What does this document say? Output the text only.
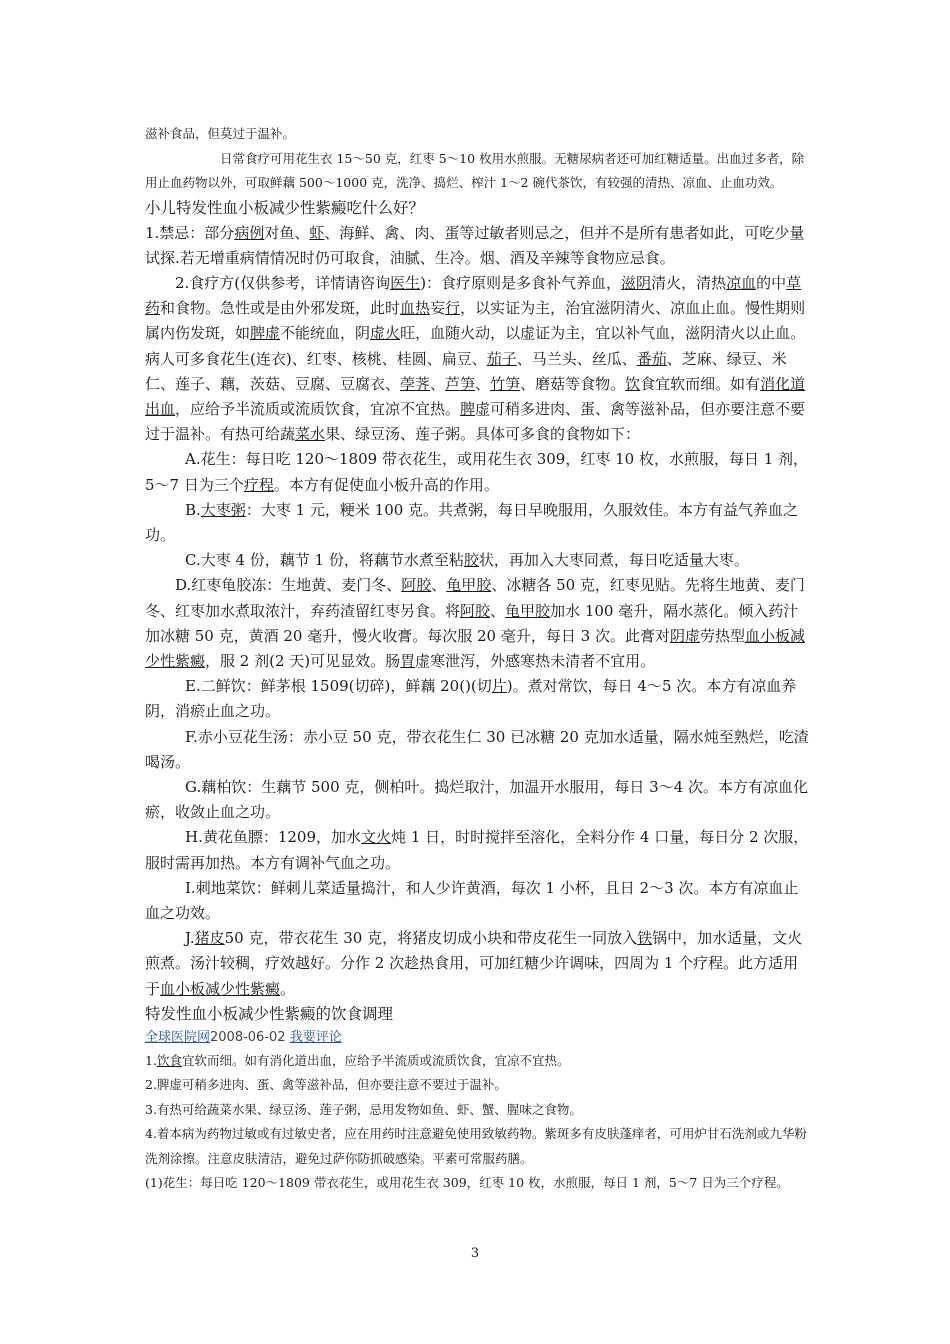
滋补食品，但莫过于温补。

日常食疗可用花生衣 15～50 克，红枣 5～10 枚用水煎服。无糖尿病者还可加红糖适量。出血过多者，除用止血药物以外，可取鲜藕 500～1000 克，洗净、捣烂、榨汁 1～2 碗代茶饮，有较强的清热、凉血、止血功效。

小儿特发性血小板减少性紫癜吃什么好？

1.禁忌：部分病例对鱼、虾、海鲜、禽、肉、蛋等过敏者则忌之，但并不是所有患者如此，可吃少量试探.若无增重病情情况时仍可取食，油腻、生冷。烟、酒及辛辣等食物应忌食。

2.食疗方(仅供参考，详情请咨询医生)：食疗原则是多食补气养血，滋阴清火，清热凉血的中草药和食物。急性或是由外邪发斑，此时血热妄行，以实证为主，治宜滋阴清火、凉血止血。慢性期则属内伤发斑，如脾虚不能统血，阴虚火旺，血随火动，以虚证为主，宜以补气血，滋阴清火以止血。病人可多食花生(连衣)、红枣、核桃、桂圆、扁豆、茄子、马兰头、丝瓜、番茄、芝麻、绿豆、米仁、莲子、藕，茨菇、豆腐、豆腐衣、荸荠、芦笋、竹笋、磨菇等食物。饮食宜软而细。如有消化道出血，应给予半流质或流质饮食，宜凉不宜热。脾虚可稍多进肉、蛋、禽等滋补品，但亦要注意不要过于温补。有热可给蔬菜水果、绿豆汤、莲子粥。具体可多食的食物如下：

A.花生：每日吃 120～1809 带衣花生，或用花生衣 309，红枣 10 枚，水煎服，每日 1 剂，5～7 日为三个疗程。本方有促使血小板升高的作用。

B.大枣粥：大枣 1 元，粳米 100 克。共煮粥，每日早晚服用，久服效佳。本方有益气养血之功。

C.大枣 4 份，藕节 1 份，将藕节水煮至粘胶状，再加入大枣同煮，每日吃适量大枣。

D.红枣龟胶冻：生地黄、麦门冬、阿胶、龟甲胶、冰糖各 50 克，红枣见贴。先将生地黄、麦门冬、红枣加水煮取浓汁，弃药渣留红枣另食。将阿胶、龟甲胶加水 100 毫升，隔水蒸化。倾入药汁加冰糖 50 克，黄酒 20 毫升，慢火收膏。每次服 20 毫升，每日 3 次。此膏对阴虚劳热型血小板减少性紫癜，服 2 剂(2 天)可见显效。肠胃虚寒泄泻，外感寒热未清者不宜用。

E.二鲜饮：鲜茅根 1509(切碎)，鲜藕 20()(切片)。煮对常饮，每日 4～5 次。本方有凉血养阴，消瘀止血之功。

F.赤小豆花生汤：赤小豆 50 克，带衣花生仁 30 已冰糖 20 克加水适量，隔水炖至熟烂，吃渣喝汤。

G.藕柏饮：生藕节 500 克，侧柏叶。捣烂取汁，加温开水服用，每日 3～4 次。本方有凉血化瘀，收敛止血之功。

H.黄花鱼膘：1209，加水文火炖 1 日，时时搅拌至溶化，全料分作 4 口量，每日分 2 次服，服时需再加热。本方有调补气血之功。

I.刺地菜饮：鲜刺儿菜适量捣汁，和人少许黄酒，每次 1 小杯，且日 2～3 次。本方有凉血止血之功效。

J.猪皮50 克，带衣花生 30 克，将猪皮切成小块和带皮花生一同放入铁锅中，加水适量，文火煎煮。汤汁较稠，疗效越好。分作 2 次趁热食用，可加红糖少许调味，四周为 1 个疗程。此方适用于血小板减少性紫癜。

特发性血小板减少性紫癜的饮食调理

全球医院网2008-06-02 我要评论

1.饮食宜软而细。如有消化道出血，应给予半流质或流质饮食，宜凉不宜热。

2.脾虚可稍多进肉、蛋、禽等滋补品，但亦要注意不要过于温补。

3.有热可给蔬菜水果、绿豆汤、莲子粥，忌用发物如鱼、虾、蟹、腥味之食物。

4.着本病为药物过敏或有过敏史者，应在用药时注意避免使用致敏药物。紫斑多有皮肤蓬痒者，可用炉甘石洗剂或九华粉洗剂涂擦。注意皮肤清洁，避免过萨你防抓破感染。平素可常服药膳。

(1)花生：每日吃 120～1809 带衣花生，或用花生衣 309，红枣 10 枚，水煎服，每日 1 剂，5～7 日为三个疗程。

3
